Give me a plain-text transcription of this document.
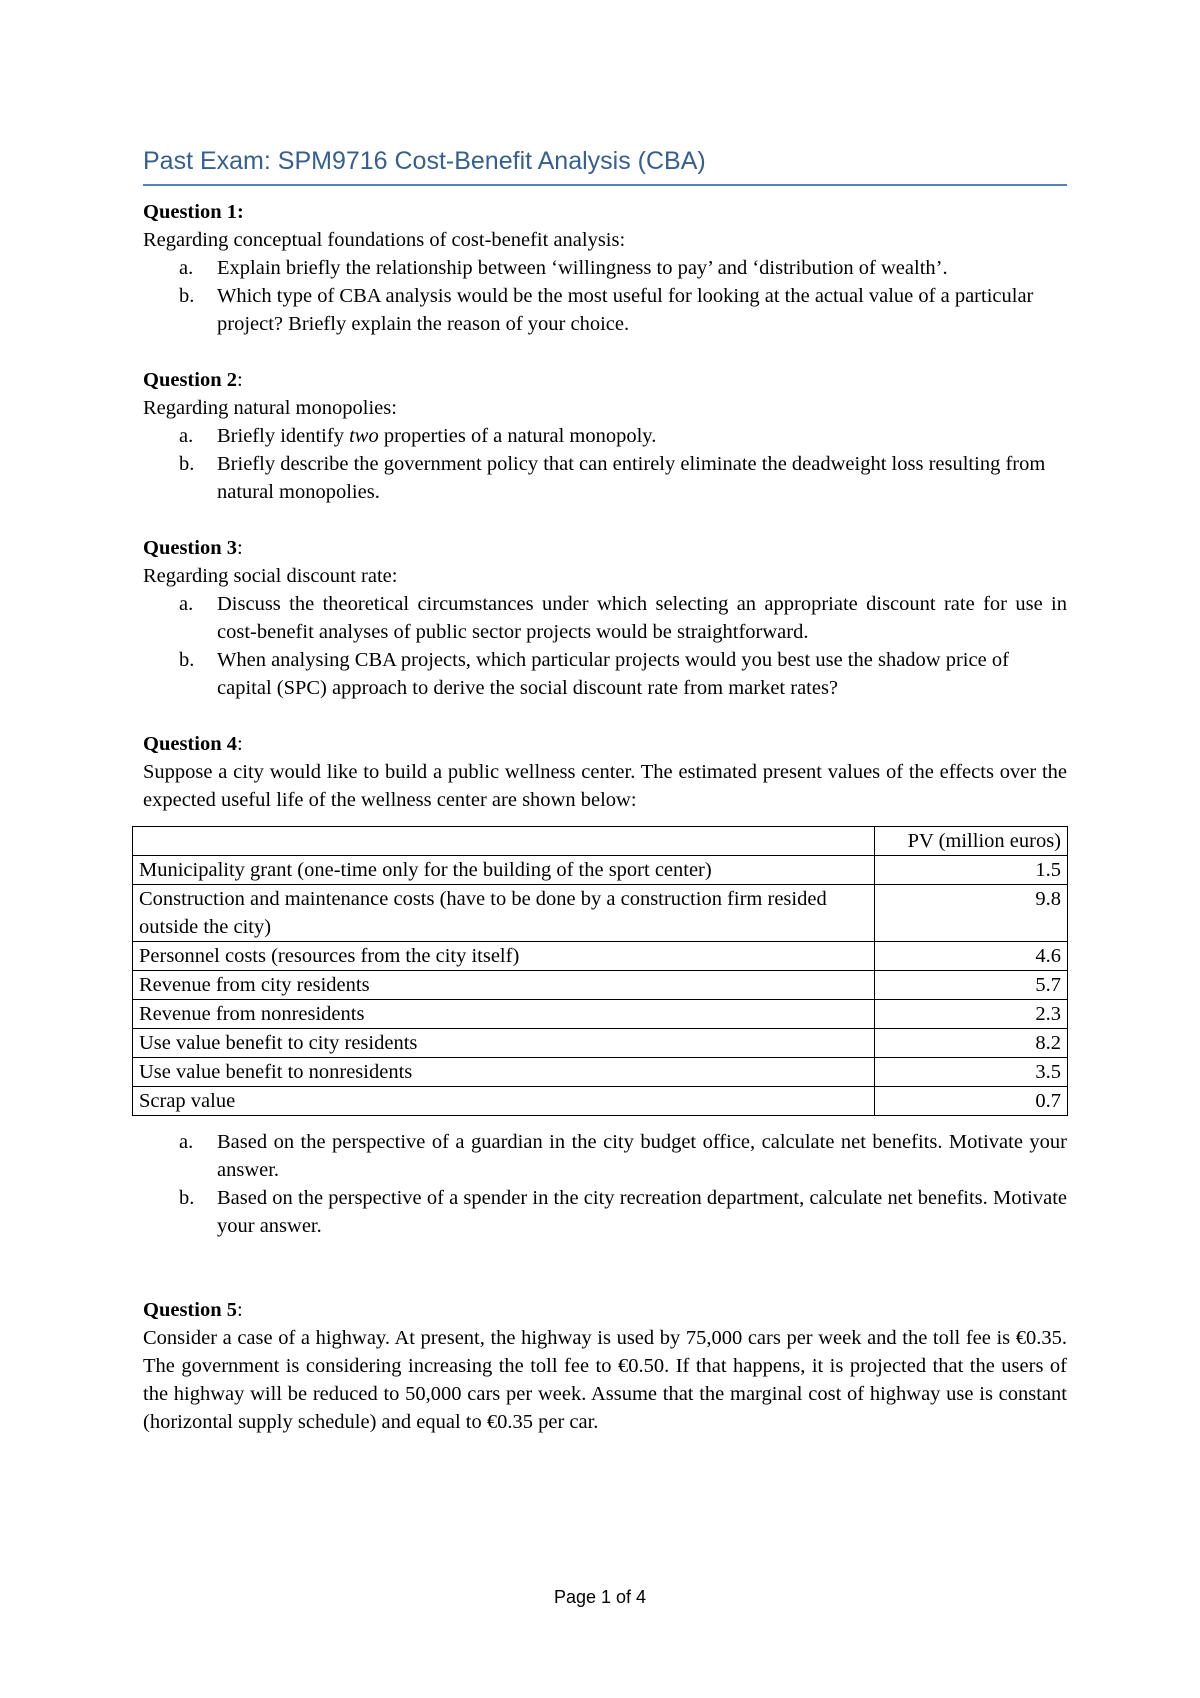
Past Exam: SPM9716 Cost-Benefit Analysis (CBA)
Question 1:
Regarding conceptual foundations of cost-benefit analysis:
a. Explain briefly the relationship between ‘willingness to pay’ and ‘distribution of wealth’.
b. Which type of CBA analysis would be the most useful for looking at the actual value of a particular project? Briefly explain the reason of your choice.
Question 2:
Regarding natural monopolies:
a. Briefly identify two properties of a natural monopoly.
b. Briefly describe the government policy that can entirely eliminate the deadweight loss resulting from natural monopolies.
Question 3:
Regarding social discount rate:
a. Discuss the theoretical circumstances under which selecting an appropriate discount rate for use in cost-benefit analyses of public sector projects would be straightforward.
b. When analysing CBA projects, which particular projects would you best use the shadow price of capital (SPC) approach to derive the social discount rate from market rates?
Question 4:
Suppose a city would like to build a public wellness center. The estimated present values of the effects over the expected useful life of the wellness center are shown below:
	PV (million euros)
Municipality grant (one-time only for the building of the sport center)	1.5
Construction and maintenance costs (have to be done by a construction firm resided outside the city)	9.8
Personnel costs (resources from the city itself)	4.6
Revenue from city residents	5.7
Revenue from nonresidents	2.3
Use value benefit to city residents	8.2
Use value benefit to nonresidents	3.5
Scrap value	0.7
a. Based on the perspective of a guardian in the city budget office, calculate net benefits. Motivate your answer.
b. Based on the perspective of a spender in the city recreation department, calculate net benefits. Motivate your answer.
Question 5:
Consider a case of a highway. At present, the highway is used by 75,000 cars per week and the toll fee is €0.35. The government is considering increasing the toll fee to €0.50. If that happens, it is projected that the users of the highway will be reduced to 50,000 cars per week. Assume that the marginal cost of highway use is constant (horizontal supply schedule) and equal to €0.35 per car.
Page 1 of 4
